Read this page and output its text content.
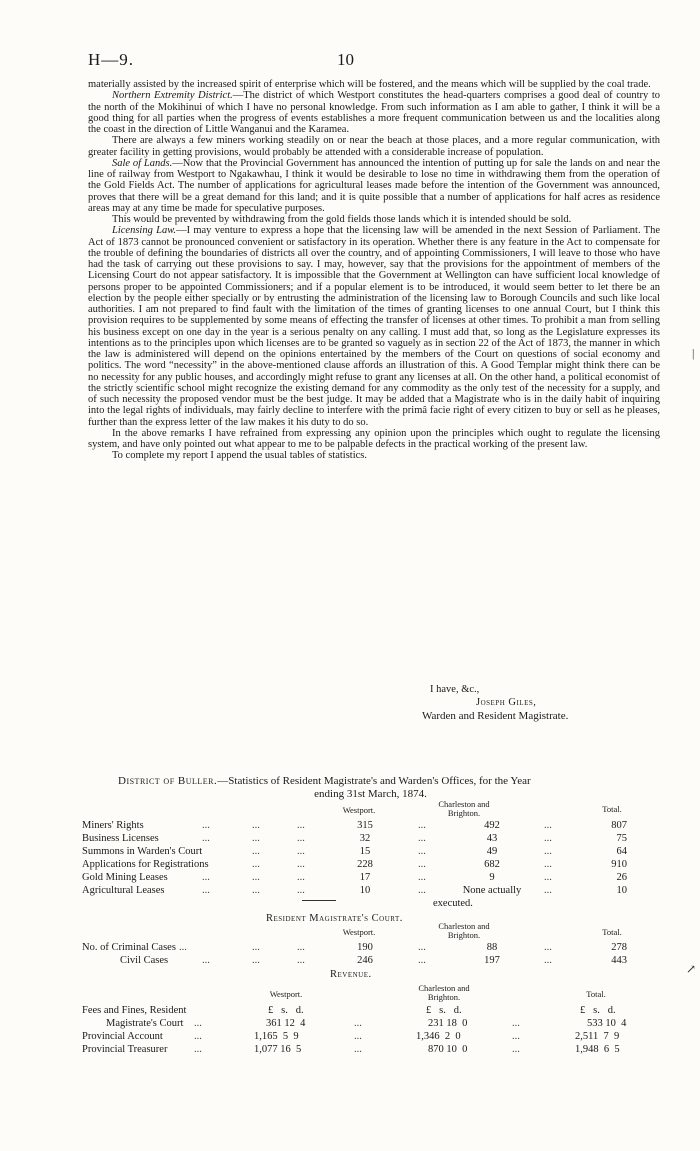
H—9.	10

materially assisted by the increased spirit of enterprise which will be fostered, and the means which will be supplied by the coal trade.

Northern Extremity District.—The district of which Westport constitutes the head-quarters comprises a good deal of country to the north of the Mokihinui of which I have no personal knowledge. From such information as I am able to gather, I think it will be a good thing for all parties when the progress of events establishes a more frequent communication between us and the localities along the coast in the direction of Little Wanganui and the Karamea.

There are always a few miners working steadily on or near the beach at those places, and a more regular communication, with greater facility in getting provisions, would probably be attended with a considerable increase of population.

Sale of Lands.—Now that the Provincial Government has announced the intention of putting up for sale the lands on and near the line of railway from Westport to Ngakawhau, I think it would be desirable to lose no time in withdrawing them from the operation of the Gold Fields Act. The number of applications for agricultural leases made before the intention of the Government was announced, proves that there will be a great demand for this land; and it is quite possible that a number of applications for half acres as residence areas may at any time be made for speculative purposes.

This would be prevented by withdrawing from the gold fields those lands which it is intended should be sold.

Licensing Law.—I may venture to express a hope that the licensing law will be amended in the next Session of Parliament. The Act of 1873 cannot be pronounced convenient or satisfactory in its operation. Whether there is any feature in the Act to compensate for the trouble of defining the boundaries of districts all over the country, and of appointing Commissioners, I will leave to those who have had the task of carrying out these provisions to say. I may, however, say that the provisions for the appointment of members of the Licensing Court do not appear satisfactory. It is impossible that the Government at Wellington can have sufficient local knowledge of persons proper to be appointed Commissioners; and if a popular element is to be introduced, it would seem better to let there be an election by the people either specially or by entrusting the administration of the licensing law to Borough Councils and such like local authorities. I am not prepared to find fault with the limitation of the times of granting licenses to one annual Court, but I think this provision requires to be supplemented by some means of effecting the transfer of licenses at other times. To prohibit a man from selling his business except on one day in the year is a serious penalty on any calling. I must add that, so long as the Legislature expresses its intentions as to the principles upon which licenses are to be granted so vaguely as in section 22 of the Act of 1873, the manner in which the law is administered will depend on the opinions entertained by the members of the Court on questions of social economy and politics. The word “necessity” in the above-mentioned clause affords an illustration of this. A Good Templar might think there can be no necessity for any public houses, and accordingly might refuse to grant any licenses at all. On the other hand, a political economist of the strictly scientific school might recognize the existing demand for any commodity as the only test of the necessity for a supply, and of such necessity the proposed vendor must be the best judge. It may be added that a Magistrate who is in the daily habit of inquiring into the legal rights of individuals, may fairly decline to interfere with the primâ facie right of every citizen to buy or sell as he pleases, further than the express letter of the law makes it his duty to do so.

In the above remarks I have refrained from expressing any opinion upon the principles which ought to regulate the licensing system, and have only pointed out what appear to me to be palpable defects in the practical working of the present law.

To complete my report I append the usual tables of statistics.

|
I have, &c.,
Joseph Giles,
Warden and Resident Magistrate.
District of Buller.—Statistics of Resident Magistrate's and Warden's Offices, for the Year
ending 31st March, 1874.
Westport.
Charleston and
Brighton.	Total.
Miners' Rights	...	...	...	315	...	492	...	807
Business Licenses	...	...	...	32	...	43	...	75
Summons in Warden's Court	...	...	15	...	49	...	64
Applications for Registrations	...	...	228	...	682	...	910
Gold Mining Leases	...	...	...	17	...	9	...	26
Agricultural Leases	...	...	...	10	...	None actually	...	10
executed.
Resident Magistrate's Court.
Westport.
Charleston and
Brighton.	Total.
No. of Criminal Cases ...	...	...	190	...	88	...	278
Civil Cases	...	...	...	246	...	197	...	443
↗
Revenue.
Westport.
Charleston and
Brighton.	Total.
£   s.   d.	£   s.   d.	£   s.   d.
Fees and Fines, Resident
Magistrate's Court ...	361 12  4	...	231 18  0	...	533 10  4
Provincial Account	...	1,165  5  9	...	1,346  2  0	...	2,511  7  9
Provincial Treasurer	...	1,077 16  5	...	870 10  0	...	1,948  6  5
